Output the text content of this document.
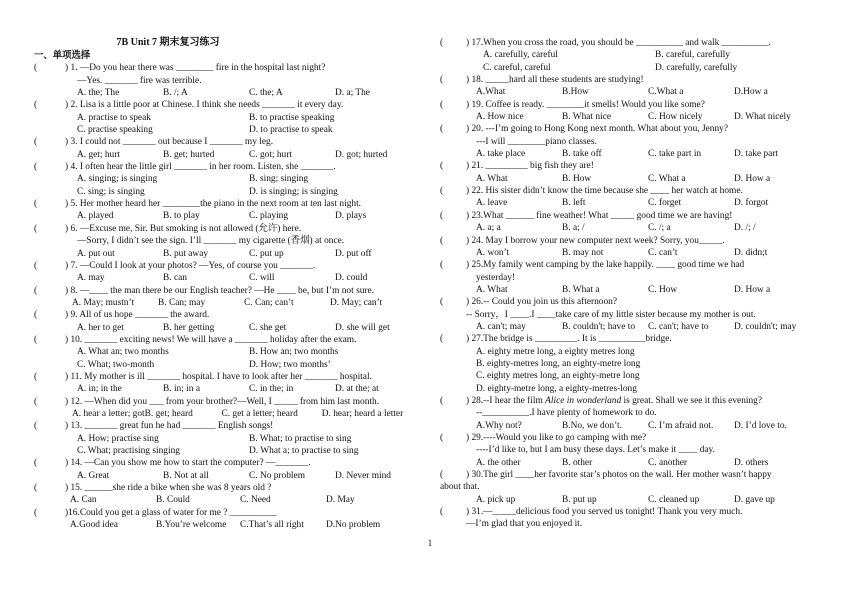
7B Unit 7 期末复习练习
一、单项选择
(	) 1. —Do you hear there was ________ fire in the hospital last night?
—Yes. _______ fire was terrible.
A. the; The	B. /; A	C. the; A	D. a; The
(	) 2. Lisa is a little poor at Chinese. I think she needs _______ it every day.
A. practise to speak	B. to practise speaking
C. practise speaking	D. to practise to speak
(	) 3. I could not _______ out because I _______ my leg.
A. get; hurt	B. get; hurted	C. got; hurt	D. got; hurted
(	) 4. I often hear the little girl _______ in her room. Listen, she _______.
A. singing; is singing	B. sing; singing
C. sing; is singing	D. is singing; is singing
(	) 5. Her mother heard her ________the piano in the next room at ten last night.
A. played	B. to play	C. playing	D. plays
(	) 6. —Excuse me, Sir. But smoking is not allowed (允许) here.
—Sorry, I didn’t see the sign. I’ll _______ my cigarette (香烟) at once.
A. put out	B. put away	C. put up	D. put off
(	) 7. —Could I look at your photos? —Yes, of course you _______.
A. may	B. can	C. will	D. could
(	) 8. —____ the man there be our English teacher? —He ____ be, but I’m not sure.
A. May; mustn’t	B. Can; may	C. Can; can’t	D. May; can’t
(	) 9. All of us hope _______ the award.
A. her to get	B. her getting	C. she get	D. she will get
(	) 10. _______ exciting news! We will have a _______ holiday after the exam.
A. What an; two months	B. How an; two months
C. What; two-month	D. How; two months’
(	) 11. My mother is ill _______ hospital. I have to look after her _______ hospital.
A. in; in the	B. in; in a	C. in the; in	D. at the; at
(	) 12. —When did you ___ from your brother?—Well, I _____ from him last month.
A. hear a letter; got B. get; heard	C. get a letter; heard	D. hear; heard a letter
(	) 13. _______ great fun he had _______ English songs!
A. How; practise sing	B. What; to practise to sing
C. What; practising singing	D. What a; to practise to sing
(	) 14. —Can you show me how to start the computer? —_______.
A. Great	B. Not at all	C. No problem	D. Never mind
(	) 15. ______she ride a bike when she was 8 years old ?
A. Can	B. Could	C. Need	D. May
(	)16.Could you get a glass of water for me ? __________
A.Good idea	B.You’re welcome	C.That’s all right	D.No problem
( ) 17.When you cross the road, you should be __________ and walk __________.
A. carefully, careful	B. careful, carefully
C. careful, careful	D. carefully, carefully
( ) 18. _____hard all these students are studying!
A.What	B.How	C.What a	D.How a
( ) 19. Coffee is ready. ________it smells! Would you like some?
A. How nice	B. What nice	C. How nicely	D. What nicely
( ) 20. ---I’m going to Hong Kong next month. What about you, Jenny?
---I will ________piano classes.
A. take place	B. take off	C. take part in	D. take part
( ) 21. _________ big fish they are!
A. What	B. How	C. What a	D. How a
( ) 22. His sister didn’t know the time because she ____ her watch at home.
A. leave	B. left	C. forget	D. forgot
( ) 23.What ______ fine weather! What _____ good time we are having!
A. a; a	B. a; /	C. /; a	D. /; /
( ) 24. May I borrow your new computer next week? Sorry, you_____.
A. won’t	B. may not	C. can’t	D. didn;t
( ) 25.My family went camping by the lake happily. ____ good time we had
yesterday!
A. What	B. What a	C. How	D. How a
( ) 26.-- Could you join us this afternoon?
-- Sorry，I ____.I ____take care of my little sister because my mother is out.
A. can't; may	B. couldn't; have to	C. can't; have to	D. couldn't; may
( ) 27.The bridge is _________. It is __________bridge.
A. eighty metre long, a eighty metres long
B. eighty-metres long, an eighty-metre long
C. eighty metres long, an eighty-metre long
D. eighty-metre long, a eighty-metres-long
( ) 28.--I hear the film Alice in wonderland is great. Shall we see it this evening?
--__________.I have plenty of homework to do.
A.Why not?	B.No, we don’t.	C. I’m afraid not.	D. I’d love to.
( ) 29.----Would you like to go camping with me?
----I’d like to, but I am busy these days. Let’s make it ____ day.
A. the other	B. other	C. another	D. others
( ) 30.The girl ____her favorite star’s photos on the wall. Her mother wasn’t happy
about that.
A. pick up	B. put up	C. cleaned up	D. gave up
( ) 31.—_____delicious food you served us tonight! Thank you very much.
—I’m glad that you enjoyed it.
1
